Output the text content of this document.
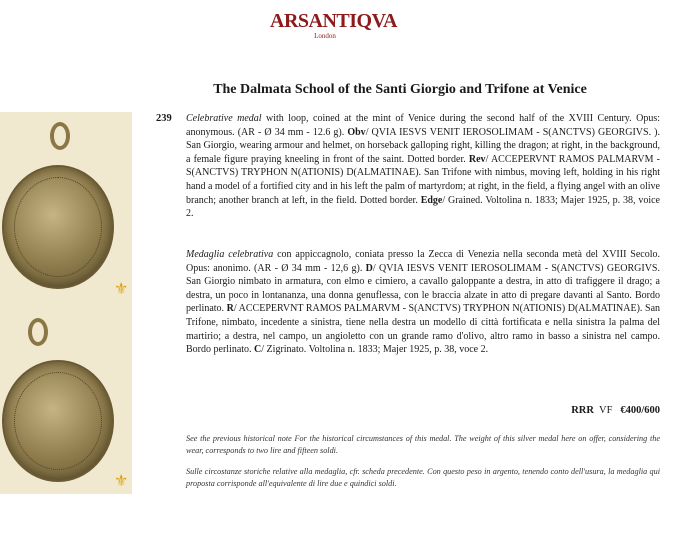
ARSANTIQVA
London
The Dalmata School of the Santi Giorgio and Trifone at Venice
⚜
⚜
239 Celebrative medal with loop, coined at the mint of Venice during the second half of the XVIII Century. Opus: anonymous. (AR - Ø 34 mm - 12.6 g). Obv/ QVIA IESVS VENIT IEROSOLIMAM - S(ANCTVS) GEORGIVS. ). San Giorgio, wearing armour and helmet, on horseback galloping right, killing the dragon; at right, in the background, a female figure praying kneeling in front of the saint. Dotted border. Rev/ ACCEPERVNT RAMOS PALMARVM - S(ANCTVS) TRYPHON N(ATIONIS) D(ALMATINAE). San Trifone with nimbus, moving left, holding in his right hand a model of a fortified city and in his left the palm of martyrdom; at right, in the field, a flying angel with an olive branch; another branch at left, in the field. Dotted border. Edge/ Grained. Voltolina n. 1833; Majer 1925, p. 38, voice 2.

Medaglia celebrativa con appiccagnolo, coniata presso la Zecca di Venezia nella seconda metà del XVIII Secolo. Opus: anonimo. (AR - Ø 34 mm - 12,6 g). D/ QVIA IESVS VENIT IEROSOLIMAM - S(ANCTVS) GEORGIVS. San Giorgio nimbato in armatura, con elmo e cimiero, a cavallo galoppante a destra, in atto di trafiggere il drago; a destra, un poco in lontananza, una donna genuflessa, con le braccia alzate in atto di pregare davanti al Santo. Bordo perlinato. R/ ACCEPERVNT RAMOS PALMARVM - S(ANCTVS) TRYPHON N(ATIONIS) D(ALMATINAE). San Trifone, nimbato, incedente a sinistra, tiene nella destra un modello di città fortificata e nella sinistra la palma del martirio; a destra, nel campo, un angioletto con un grande ramo d'olivo, altro ramo in basso a sinistra nel campo. Bordo perlinato. C/ Zigrinato. Voltolina n. 1833; Majer 1925, p. 38, voce 2.

RRR VF €400/600

See the previous historical note For the historical circumstances of this medal. The weight of this silver medal here on offer, considering the wear, corresponds to two lire and fifteen soldi.

Sulle circostanze storiche relative alla medaglia, cfr. scheda precedente. Con questo peso in argento, tenendo conto dell'usura, la medaglia qui proposta corrisponde all'equivalente di lire due e quindici soldi.
